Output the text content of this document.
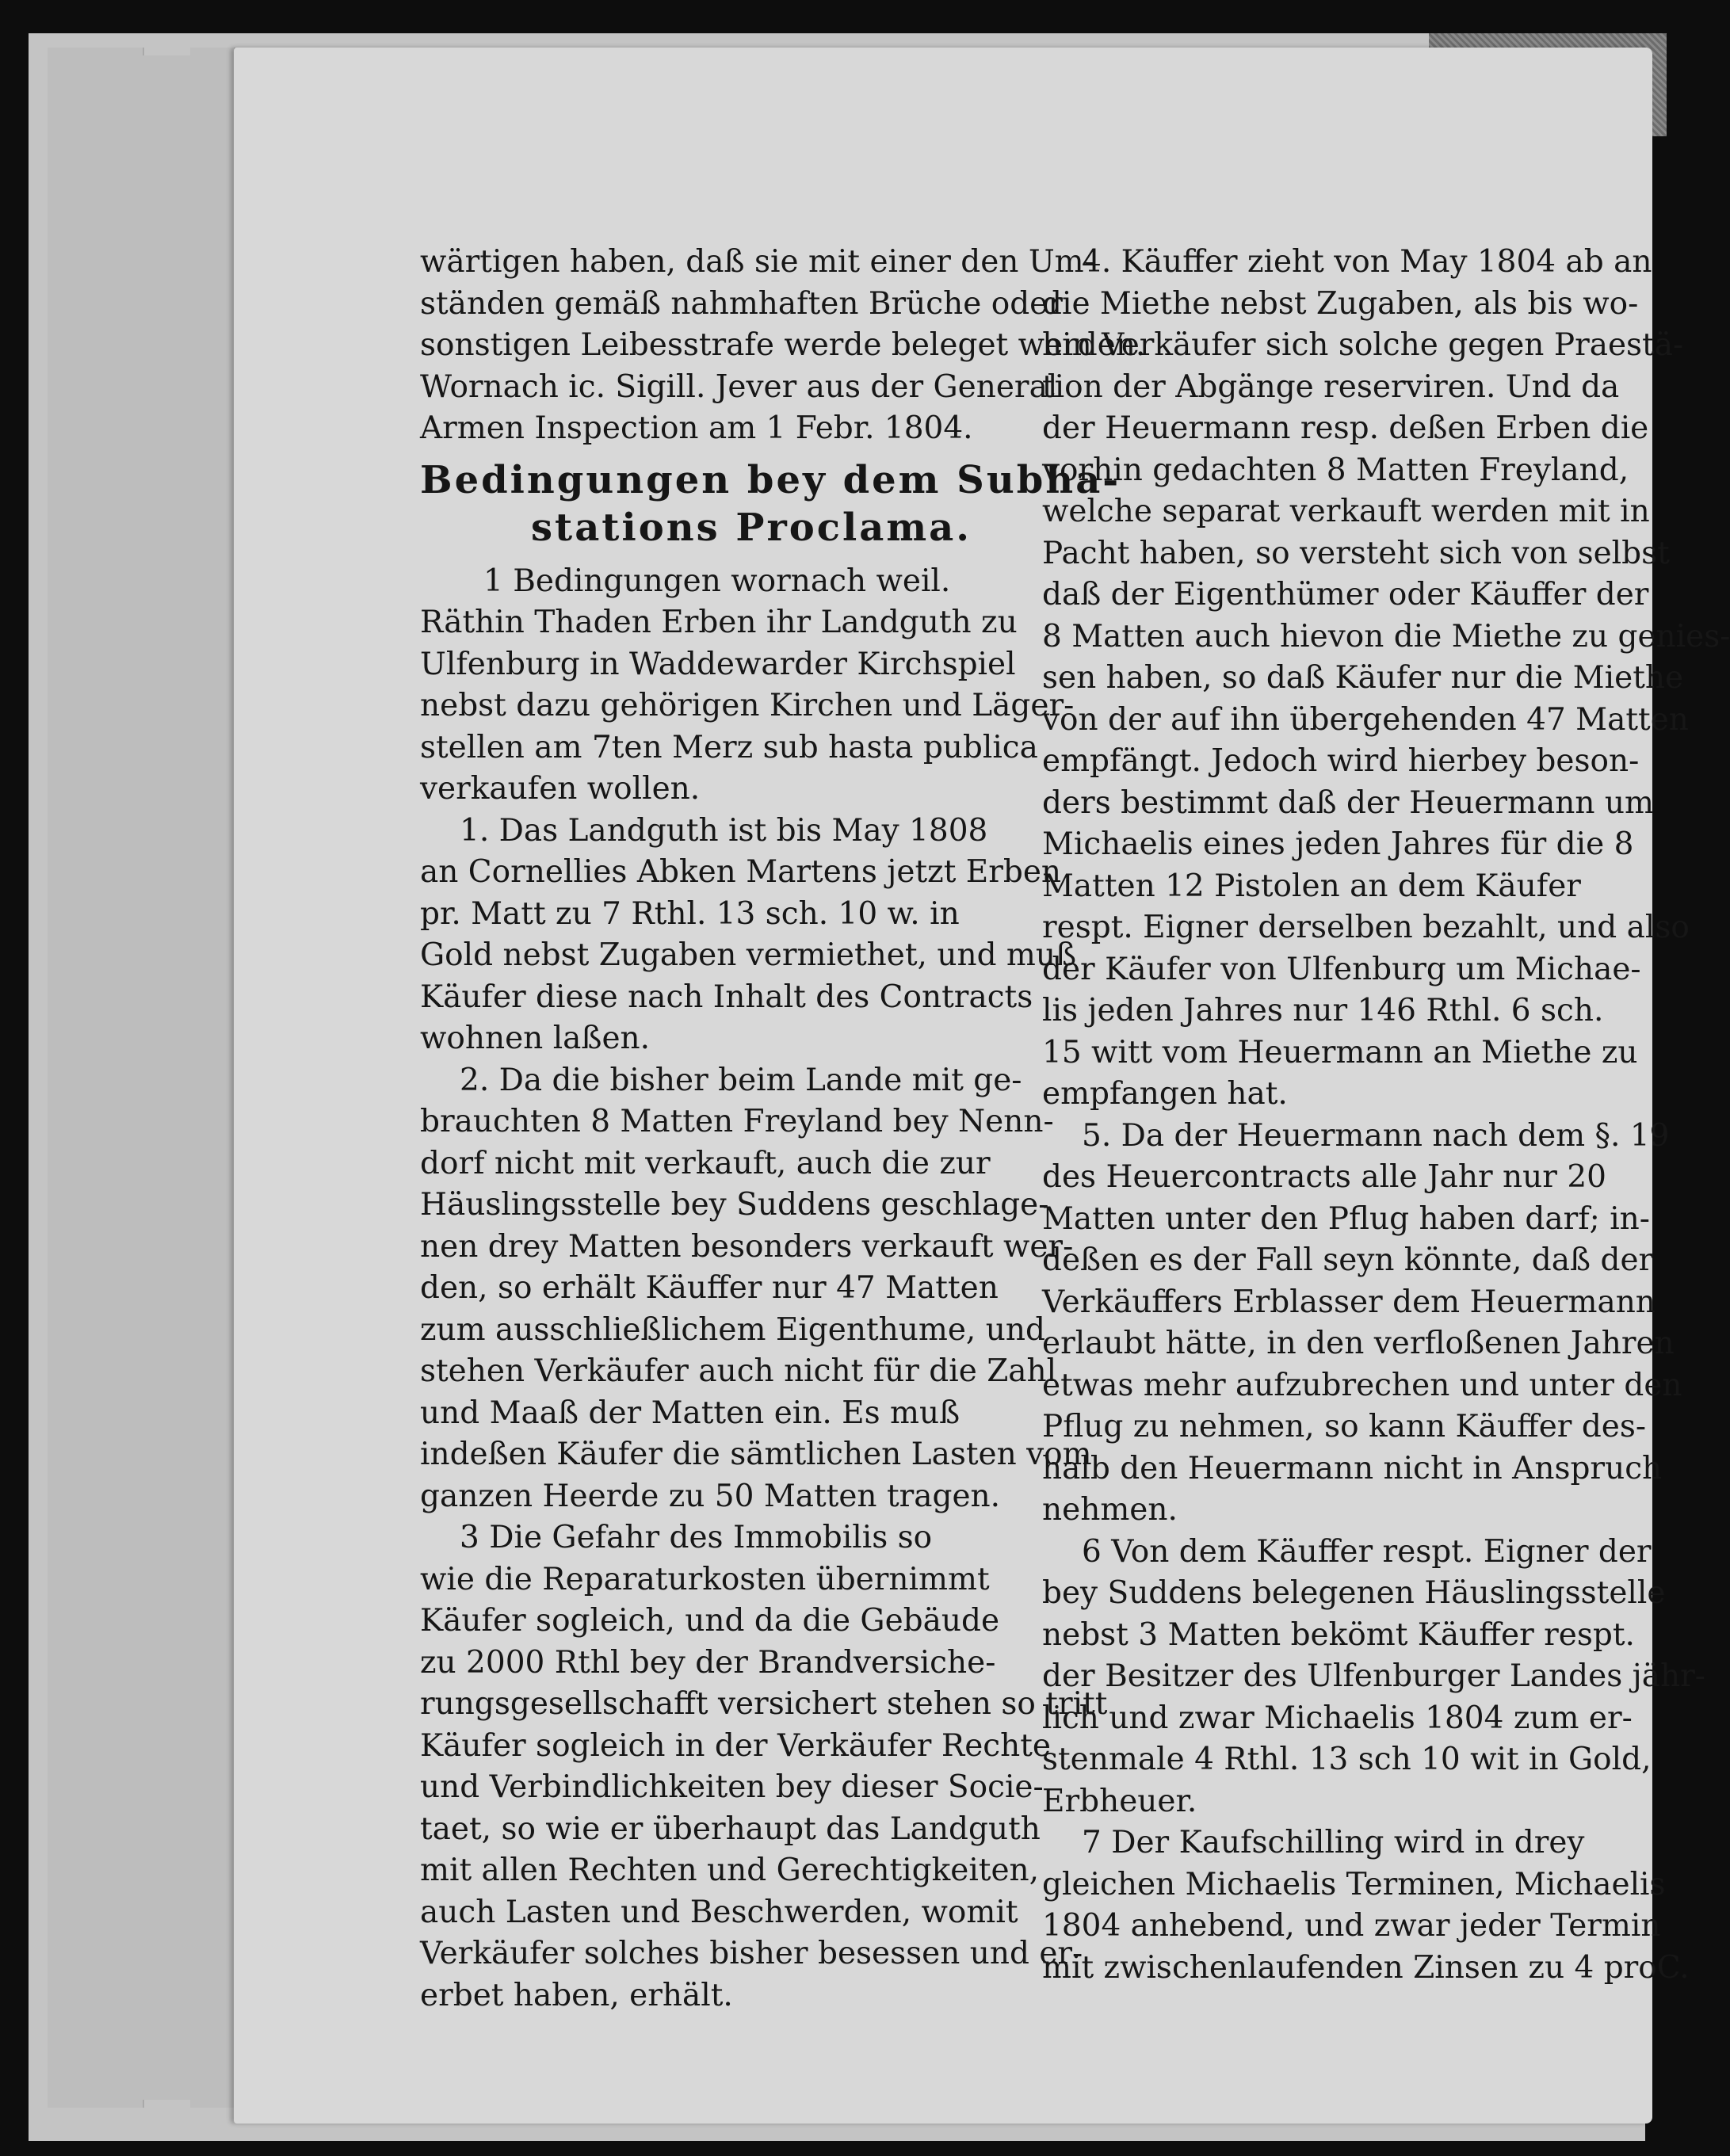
wärtigen haben, daß sie mit einer den Um-
ständen gemäß nahmhaften Brüche oder
sonstigen Leibesstrafe werde beleget werden.
Wornach ic. Sigill. Jever aus der General
Armen Inspection am 1 Febr. 1804.
Bedingungen bey dem Subha-
stations Proclama.
1 Bedingungen wornach weil.
Räthin Thaden Erben ihr Landguth zu
Ulfenburg in Waddewarder Kirchspiel
nebst dazu gehörigen Kirchen und Läger-
stellen am 7ten Merz sub hasta publica
verkaufen wollen.
1. Das Landguth ist bis May 1808
an Cornellies Abken Martens jetzt Erben
pr. Matt zu 7 Rthl. 13 sch. 10 w. in
Gold nebst Zugaben vermiethet, und muß
Käufer diese nach Inhalt des Contracts
wohnen laßen.
2. Da die bisher beim Lande mit ge-
brauchten 8 Matten Freyland bey Nenn-
dorf nicht mit verkauft, auch die zur
Häuslingsstelle bey Suddens geschlage-
nen drey Matten besonders verkauft wer-
den, so erhält Käuffer nur 47 Matten
zum ausschließlichem Eigenthume, und
stehen Verkäufer auch nicht für die Zahl
und Maaß der Matten ein. Es muß
indeßen Käufer die sämtlichen Lasten vom
ganzen Heerde zu 50 Matten tragen.
3 Die Gefahr des Immobilis so
wie die Reparaturkosten übernimmt
Käufer sogleich, und da die Gebäude
zu 2000 Rthl bey der Brandversiche-
rungsgesellschafft versichert stehen so tritt
Käufer sogleich in der Verkäufer Rechte
und Verbindlichkeiten bey dieser Socie-
taet, so wie er überhaupt das Landguth
mit allen Rechten und Gerechtigkeiten,
auch Lasten und Beschwerden, womit
Verkäufer solches bisher besessen und er-
erbet haben, erhält.
4. Käuffer zieht von May 1804 ab an
die Miethe nebst Zugaben, als bis wo-
hin Verkäufer sich solche gegen Praestä-
tion der Abgänge reserviren. Und da
der Heuermann resp. deßen Erben die
vorhin gedachten 8 Matten Freyland,
welche separat verkauft werden mit in
Pacht haben, so versteht sich von selbst
daß der Eigenthümer oder Käuffer der
8 Matten auch hievon die Miethe zu genies-
sen haben, so daß Käufer nur die Miethe
von der auf ihn übergehenden 47 Matten
empfängt. Jedoch wird hierbey beson-
ders bestimmt daß der Heuermann um
Michaelis eines jeden Jahres für die 8
Matten 12 Pistolen an dem Käufer
respt. Eigner derselben bezahlt, und also
der Käufer von Ulfenburg um Michae-
lis jeden Jahres nur 146 Rthl. 6 sch.
15 witt vom Heuermann an Miethe zu
empfangen hat.
5. Da der Heuermann nach dem §. 19
des Heuercontracts alle Jahr nur 20
Matten unter den Pflug haben darf; in-
deßen es der Fall seyn könnte, daß der
Verkäuffers Erblasser dem Heuermann
erlaubt hätte, in den verfloßenen Jahren
etwas mehr aufzubrechen und unter den
Pflug zu nehmen, so kann Käuffer des-
halb den Heuermann nicht in Anspruch
nehmen.
6 Von dem Käuffer respt. Eigner der
bey Suddens belegenen Häuslingsstelle
nebst 3 Matten bekömt Käuffer respt.
der Besitzer des Ulfenburger Landes jähr-
lich und zwar Michaelis 1804 zum er-
stenmale 4 Rthl. 13 sch 10 wit in Gold,
Erbheuer.
7 Der Kaufschilling wird in drey
gleichen Michaelis Terminen, Michaelis
1804 anhebend, und zwar jeder Termin
mit zwischenlaufenden Zinsen zu 4 proC.
